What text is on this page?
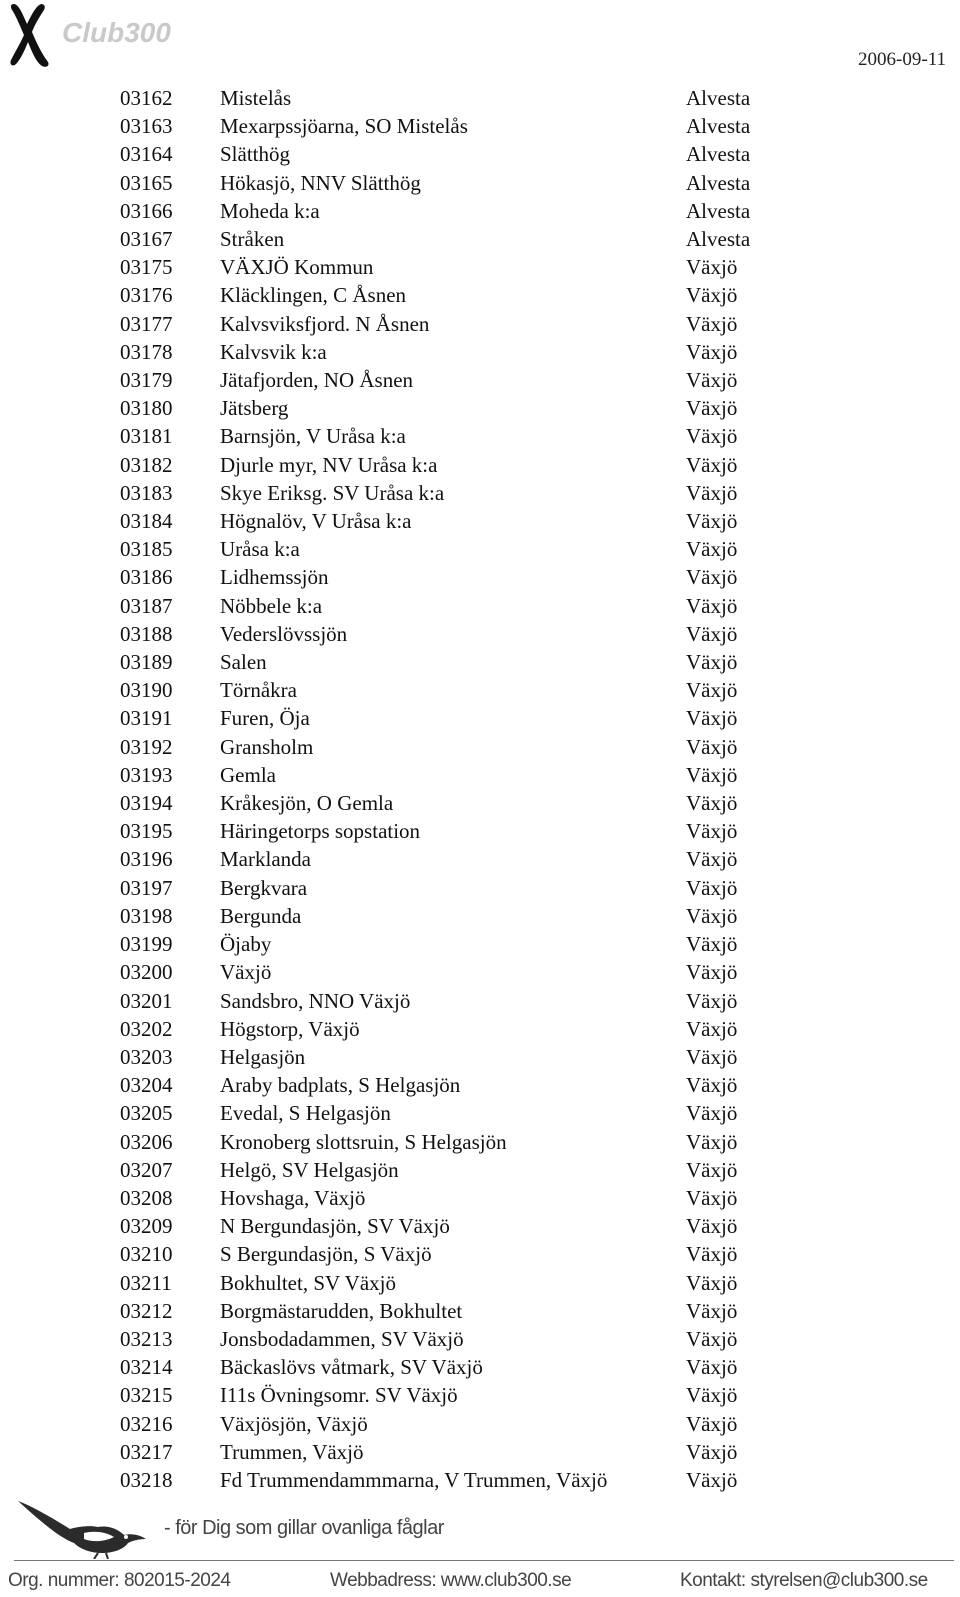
Club300
2006-09-11
03162	Mistelås	Alvesta
03163	Mexarpssjöarna, SO Mistelås	Alvesta
03164	Slätthög	Alvesta
03165	Hökasjö, NNV Slätthög	Alvesta
03166	Moheda k:a	Alvesta
03167	Stråken	Alvesta
03175	VÄXJÖ Kommun	Växjö
03176	Kläcklingen, C Åsnen	Växjö
03177	Kalvsviksfjord. N Åsnen	Växjö
03178	Kalvsvik k:a	Växjö
03179	Jätafjorden, NO Åsnen	Växjö
03180	Jätsberg	Växjö
03181	Barnsjön, V Uråsa k:a	Växjö
03182	Djurle myr, NV Uråsa k:a	Växjö
03183	Skye Eriksg. SV Uråsa k:a	Växjö
03184	Högnalöv, V Uråsa k:a	Växjö
03185	Uråsa k:a	Växjö
03186	Lidhemssjön	Växjö
03187	Nöbbele k:a	Växjö
03188	Vederslövssjön	Växjö
03189	Salen	Växjö
03190	Törnåkra	Växjö
03191	Furen, Öja	Växjö
03192	Gransholm	Växjö
03193	Gemla	Växjö
03194	Kråkesjön, O Gemla	Växjö
03195	Häringetorps sopstation	Växjö
03196	Marklanda	Växjö
03197	Bergkvara	Växjö
03198	Bergunda	Växjö
03199	Öjaby	Växjö
03200	Växjö	Växjö
03201	Sandsbro, NNO Växjö	Växjö
03202	Högstorp, Växjö	Växjö
03203	Helgasjön	Växjö
03204	Araby badplats, S Helgasjön	Växjö
03205	Evedal, S Helgasjön	Växjö
03206	Kronoberg slottsruin, S Helgasjön	Växjö
03207	Helgö, SV Helgasjön	Växjö
03208	Hovshaga, Växjö	Växjö
03209	N Bergundasjön, SV Växjö	Växjö
03210	S Bergundasjön, S Växjö	Växjö
03211	Bokhultet, SV Växjö	Växjö
03212	Borgmästarudden, Bokhultet	Växjö
03213	Jonsbodadammen, SV Växjö	Växjö
03214	Bäckaslövs våtmark, SV Växjö	Växjö
03215	I11s Övningsomr. SV Växjö	Växjö
03216	Växjösjön, Växjö	Växjö
03217	Trummen, Växjö	Växjö
03218	Fd Trummendammmarna, V Trummen, Växjö	Växjö
- för Dig som gillar ovanliga fåglar
Org. nummer: 802015-2024	Webbadress: www.club300.se	Kontakt: styrelsen@club300.se
